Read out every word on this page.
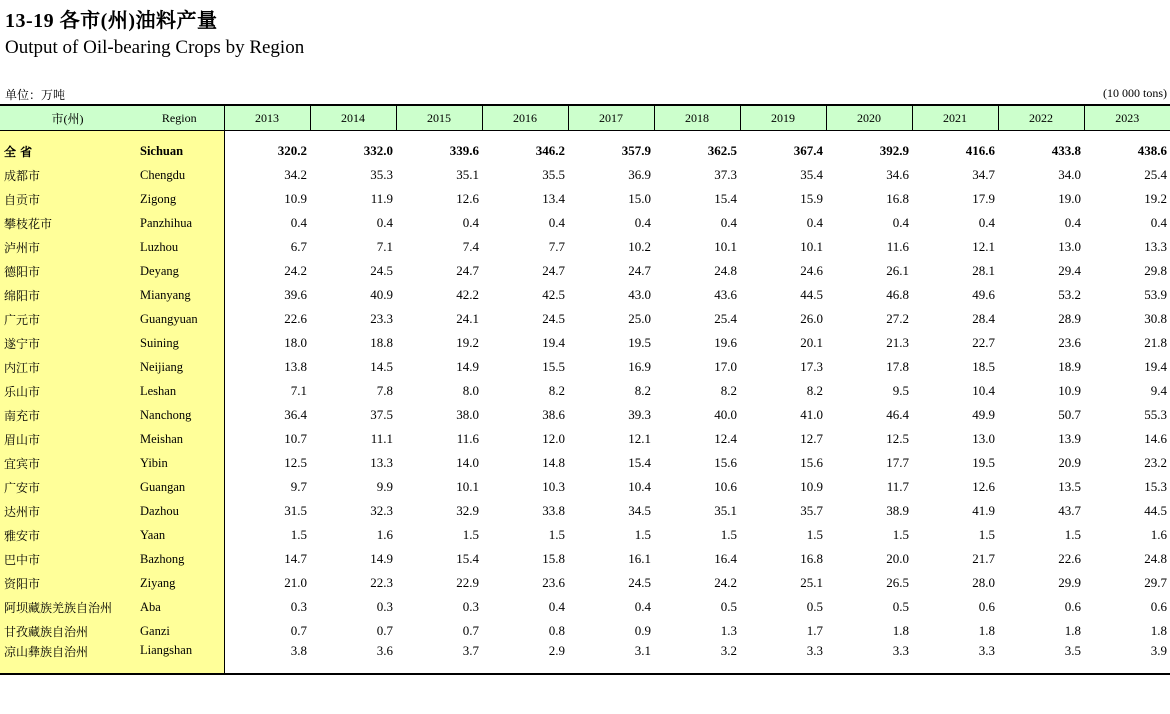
13-19 各市(州)油料产量
Output of Oil-bearing Crops by Region
单位：万吨	(10 000 tons)
市(州)	Region	2013	2014	2015	2016	2017	2018	2019	2020	2021	2022	2023

全 省	Sichuan	320.2	332.0	339.6	346.2	357.9	362.5	367.4	392.9	416.6	433.8	438.6
成都市	Chengdu	34.2	35.3	35.1	35.5	36.9	37.3	35.4	34.6	34.7	34.0	25.4
自贡市	Zigong	10.9	11.9	12.6	13.4	15.0	15.4	15.9	16.8	17.9	19.0	19.2
攀枝花市	Panzhihua	0.4	0.4	0.4	0.4	0.4	0.4	0.4	0.4	0.4	0.4	0.4
泸州市	Luzhou	6.7	7.1	7.4	7.7	10.2	10.1	10.1	11.6	12.1	13.0	13.3
德阳市	Deyang	24.2	24.5	24.7	24.7	24.7	24.8	24.6	26.1	28.1	29.4	29.8
绵阳市	Mianyang	39.6	40.9	42.2	42.5	43.0	43.6	44.5	46.8	49.6	53.2	53.9
广元市	Guangyuan	22.6	23.3	24.1	24.5	25.0	25.4	26.0	27.2	28.4	28.9	30.8
遂宁市	Suining	18.0	18.8	19.2	19.4	19.5	19.6	20.1	21.3	22.7	23.6	21.8
内江市	Neijiang	13.8	14.5	14.9	15.5	16.9	17.0	17.3	17.8	18.5	18.9	19.4
乐山市	Leshan	7.1	7.8	8.0	8.2	8.2	8.2	8.2	9.5	10.4	10.9	9.4
南充市	Nanchong	36.4	37.5	38.0	38.6	39.3	40.0	41.0	46.4	49.9	50.7	55.3
眉山市	Meishan	10.7	11.1	11.6	12.0	12.1	12.4	12.7	12.5	13.0	13.9	14.6
宜宾市	Yibin	12.5	13.3	14.0	14.8	15.4	15.6	15.6	17.7	19.5	20.9	23.2
广安市	Guangan	9.7	9.9	10.1	10.3	10.4	10.6	10.9	11.7	12.6	13.5	15.3
达州市	Dazhou	31.5	32.3	32.9	33.8	34.5	35.1	35.7	38.9	41.9	43.7	44.5
雅安市	Yaan	1.5	1.6	1.5	1.5	1.5	1.5	1.5	1.5	1.5	1.5	1.6
巴中市	Bazhong	14.7	14.9	15.4	15.8	16.1	16.4	16.8	20.0	21.7	22.6	24.8
资阳市	Ziyang	21.0	22.3	22.9	23.6	24.5	24.2	25.1	26.5	28.0	29.9	29.7
阿坝藏族羌族自治州	Aba	0.3	0.3	0.3	0.4	0.4	0.5	0.5	0.5	0.6	0.6	0.6
甘孜藏族自治州	Ganzi	0.7	0.7	0.7	0.8	0.9	1.3	1.7	1.8	1.8	1.8	1.8
凉山彝族自治州	Liangshan	3.8	3.6	3.7	2.9	3.1	3.2	3.3	3.3	3.3	3.5	3.9
